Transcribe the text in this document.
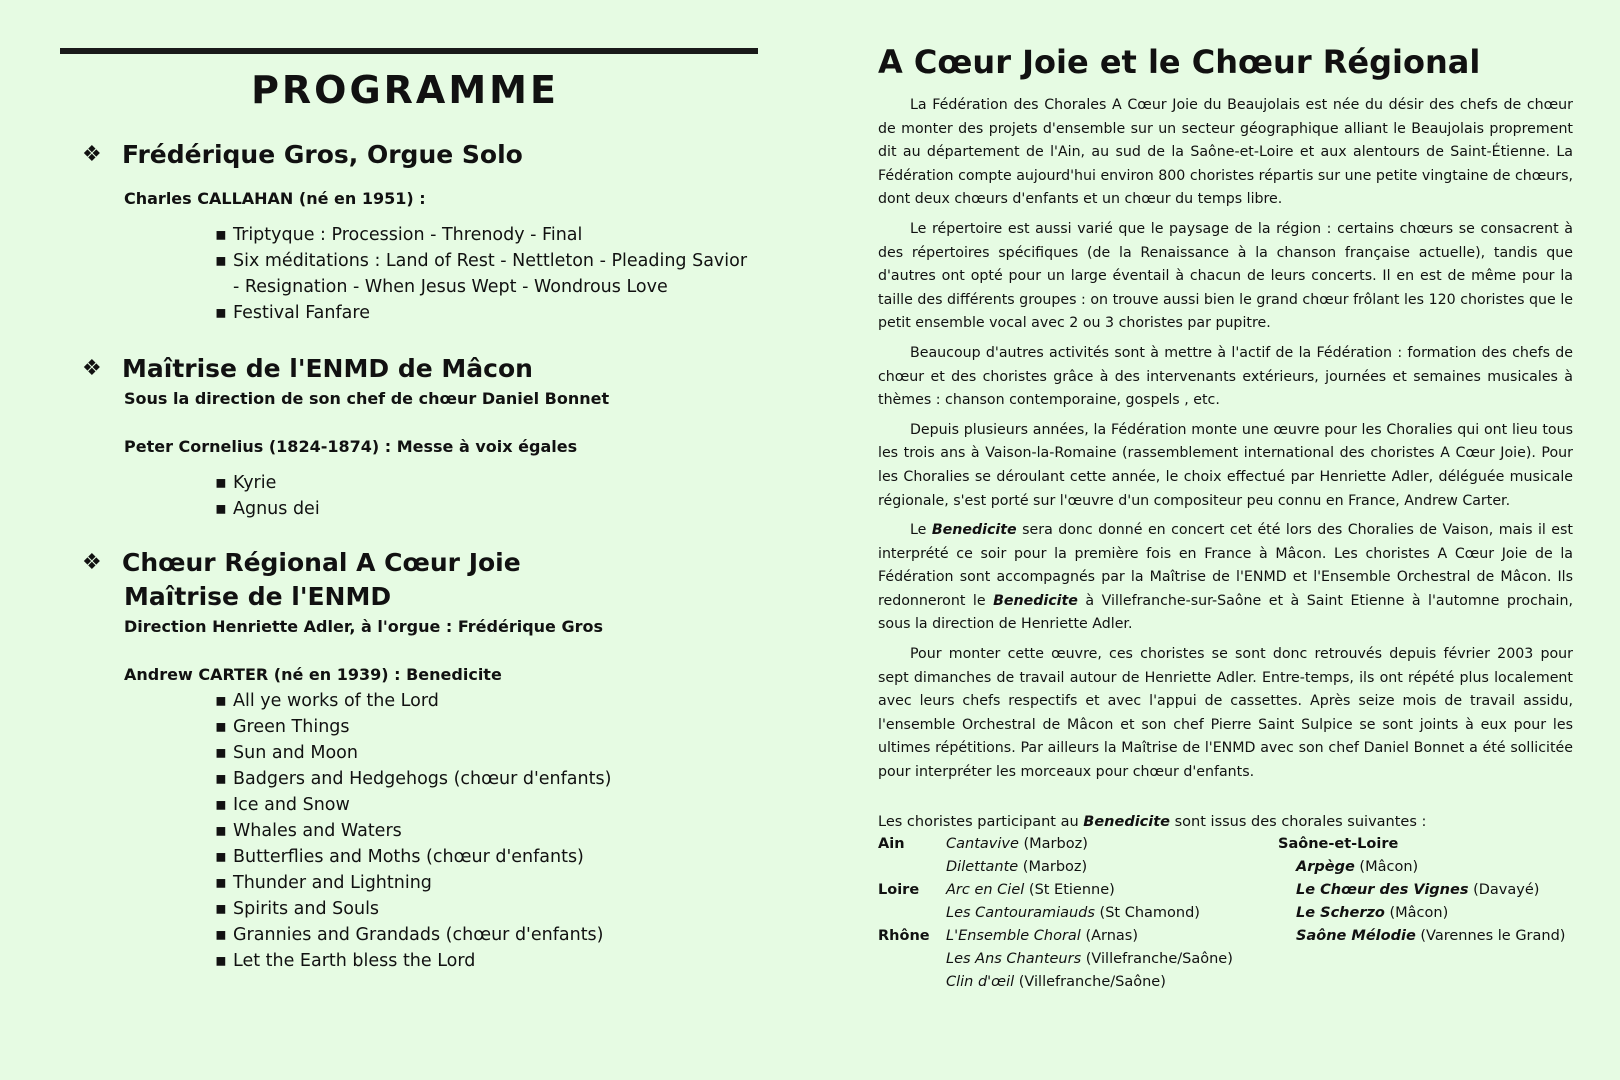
PROGRAMME
❖ Frédérique Gros, Orgue Solo
Charles CALLAHAN (né en 1951) :
▪ Triptyque : Procession - Threnody - Final
▪ Six méditations : Land of Rest - Nettleton - Pleading Savior - Resignation - When Jesus Wept - Wondrous Love
▪ Festival Fanfare
❖ Maîtrise de l'ENMD de Mâcon
Sous la direction de son chef de chœur Daniel Bonnet
Peter Cornelius (1824-1874) : Messe à voix égales
▪ Kyrie
▪ Agnus dei
❖ Chœur Régional A Cœur Joie
Maîtrise de l'ENMD
Direction Henriette Adler, à l'orgue : Frédérique Gros
Andrew CARTER (né en 1939) : Benedicite
▪ All ye works of the Lord
▪ Green Things
▪ Sun and Moon
▪ Badgers and Hedgehogs (chœur d'enfants)
▪ Ice and Snow
▪ Whales and Waters
▪ Butterflies and Moths (chœur d'enfants)
▪ Thunder and Lightning
▪ Spirits and Souls
▪ Grannies and Grandads (chœur d'enfants)
▪ Let the Earth bless the Lord
A Cœur Joie et le Chœur Régional

La Fédération des Chorales A Cœur Joie du Beaujolais est née du désir des chefs de chœur de monter des projets d'ensemble sur un secteur géographique alliant le Beaujolais proprement dit au département de l'Ain, au sud de la Saône-et-Loire et aux alentours de Saint-Étienne. La Fédération compte aujourd'hui environ 800 choristes répartis sur une petite vingtaine de chœurs, dont deux chœurs d'enfants et un chœur du temps libre.

Le répertoire est aussi varié que le paysage de la région : certains chœurs se consacrent à des répertoires spécifiques (de la Renaissance à la chanson française actuelle), tandis que d'autres ont opté pour un large éventail à chacun de leurs concerts. Il en est de même pour la taille des différents groupes : on trouve aussi bien le grand chœur frôlant les 120 choristes que le petit ensemble vocal avec 2 ou 3 choristes par pupitre.

Beaucoup d'autres activités sont à mettre à l'actif de la Fédération : formation des chefs de chœur et des choristes grâce à des intervenants extérieurs, journées et semaines musicales à thèmes : chanson contemporaine, gospels , etc.

Depuis plusieurs années, la Fédération monte une œuvre pour les Choralies qui ont lieu tous les trois ans à Vaison-la-Romaine (rassemblement international des choristes A Cœur Joie). Pour les Choralies se déroulant cette année, le choix effectué par Henriette Adler, déléguée musicale régionale, s'est porté sur l'œuvre d'un compositeur peu connu en France, Andrew Carter.

Le Benedicite sera donc donné en concert cet été lors des Choralies de Vaison, mais il est interprété ce soir pour la première fois en France à Mâcon. Les choristes A Cœur Joie de la Fédération sont accompagnés par la Maîtrise de l'ENMD et l'Ensemble Orchestral de Mâcon. Ils redonneront le Benedicite à Villefranche-sur-Saône et à Saint Etienne à l'automne prochain, sous la direction de Henriette Adler.

Pour monter cette œuvre, ces choristes se sont donc retrouvés depuis février 2003 pour sept dimanches de travail autour de Henriette Adler. Entre-temps, ils ont répété plus localement avec leurs chefs respectifs et avec l'appui de cassettes. Après seize mois de travail assidu, l'ensemble Orchestral de Mâcon et son chef Pierre Saint Sulpice se sont joints à eux pour les ultimes répétitions. Par ailleurs la Maîtrise de l'ENMD avec son chef Daniel Bonnet a été sollicitée pour interpréter les morceaux pour chœur d'enfants.

Les choristes participant au Benedicite sont issus des chorales suivantes :
Ain
Loire
Rhône
Saône-et-Loire
Cantavive (Marboz)
Dilettante (Marboz)
Arc en Ciel (St Etienne)
Les Cantouramiauds (St Chamond)
L'Ensemble Choral (Arnas)
Les Ans Chanteurs (Villefranche/Saône)
Clin d'œil (Villefranche/Saône)
Arpège (Mâcon)
Le Chœur des Vignes (Davayé)
Le Scherzo (Mâcon)
Saône Mélodie (Varennes le Grand)
